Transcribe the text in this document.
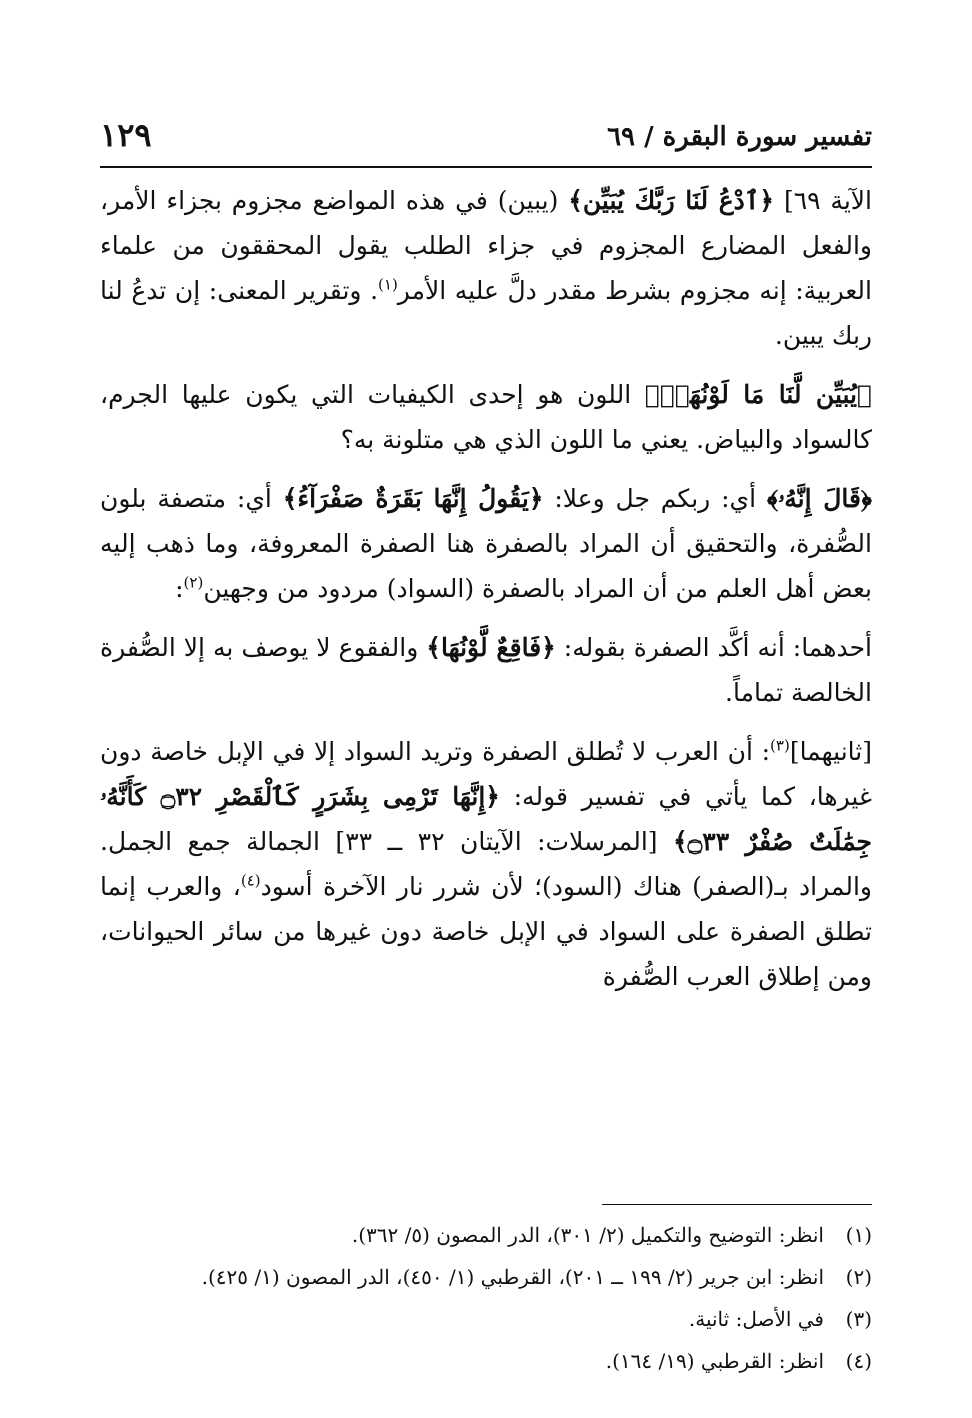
تفسير سورة البقرة / ٦٩
١٢٩

الآية ٦٩] ﴿ٱدْعُ لَنَا رَبَّكَ يُبَيِّن﴾ (يبين) في هذه المواضع مجزوم بجزاء الأمر، والفعل المضارع المجزوم في جزاء الطلب يقول المحققون من علماء العربية: إنه مجزوم بشرط مقدر دلَّ عليه الأمر$^{(١)}$. وتقرير المعنى: إن تدعُ لنا ربك يبين.

﴿يُبَيِّن لَّنَا مَا لَوْنُهَاۚ﴾ اللون هو إحدى الكيفيات التي يكون عليها الجرم، كالسواد والبياض. يعني ما اللون الذي هي متلونة به؟

﴿قَالَ إِنَّهُۥ﴾ أي: ربكم جل وعلا: ﴿يَقُولُ إِنَّهَا بَقَرَةٌ صَفْرَآءُ﴾ أي: متصفة بلون الصُّفرة، والتحقيق أن المراد بالصفرة هنا الصفرة المعروفة، وما ذهب إليه بعض أهل العلم من أن المراد بالصفرة (السواد) مردود من وجهين$^{(٢)}$:

أحدهما: أنه أكَّد الصفرة بقوله: ﴿فَاقِعٌ لَّوْنُهَا﴾ والفقوع لا يوصف به إلا الصُّفرة الخالصة تماماً.

[ثانيهما]$^{(٣)}$: أن العرب لا تُطلق الصفرة وتريد السواد إلا في الإبل خاصة دون غيرها، كما يأتي في تفسير قوله: ﴿إِنَّهَا تَرْمِى بِشَرَرٍ كَٱلْقَصْرِ ۝٣٢ كَأَنَّهُۥ جِمَٰلَتٌ صُفْرٌ ۝٣٣﴾ [المرسلات: الآيتان ٣٢ ــ ٣٣] الجمالة جمع الجمل. والمراد بـ(الصفر) هناك (السود)؛ لأن شرر نار الآخرة أسود$^{(٤)}$، والعرب إنما تطلق الصفرة على السواد في الإبل خاصة دون غيرها من سائر الحيوانات، ومن إطلاق العرب الصُّفرة

(١)
انظر: التوضيح والتكميل (٢/ ٣٠١)، الدر المصون (٥/ ٣٦٢).
(٢)
انظر: ابن جرير (٢/ ١٩٩ ــ ٢٠١)، القرطبي (١/ ٤٥٠)، الدر المصون (١/ ٤٢٥).
(٣)
في الأصل: ثانية.
(٤)
انظر: القرطبي (١٩/ ١٦٤).
